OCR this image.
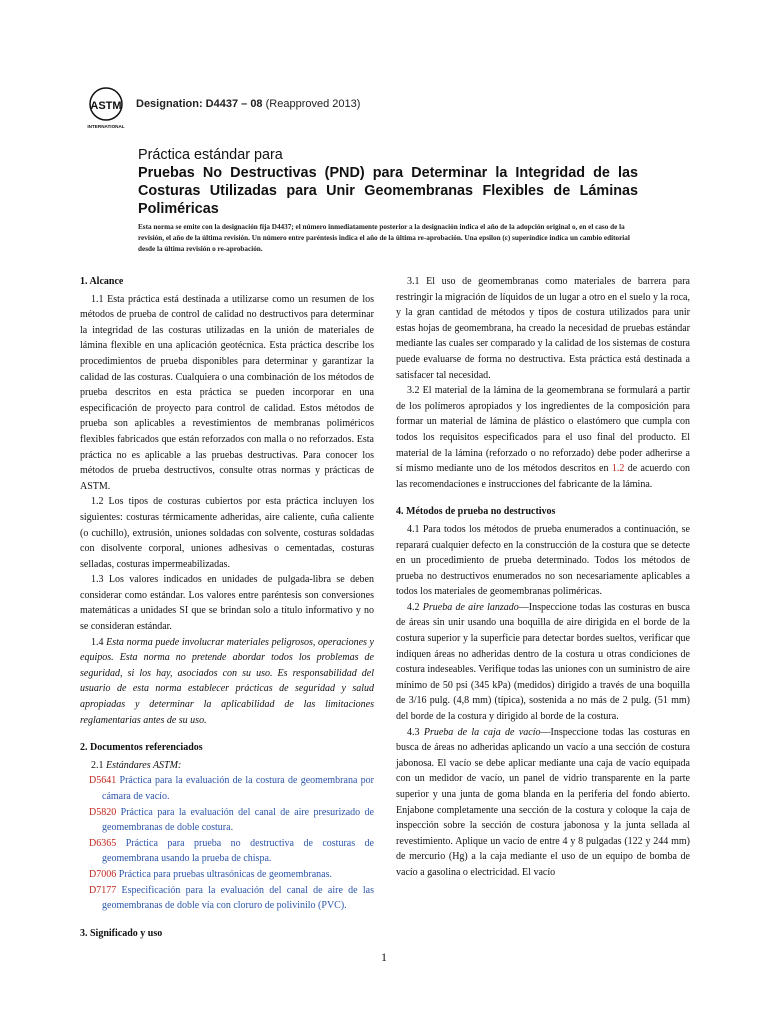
ASTM
INTERNATIONAL
Designation: D4437 – 08 (Reapproved 2013)
Práctica estándar para
Pruebas No Destructivas (PND) para Determinar la Integridad de las
Costuras Utilizadas para Unir Geomembranas Flexibles de Láminas
Poliméricas
Esta norma se emite con la designación fija D4437; el número inmediatamente posterior a la designación indica el año de la adopción original o, en el caso de la revisión, el año de la última revisión. Un número entre paréntesis indica el año de la última re-aprobación. Una epsilon (ε) superíndice indica un cambio editorial desde la última revisión o re-aprobación.

1. Alcance

1.1 Esta práctica está destinada a utilizarse como un resumen de los métodos de prueba de control de calidad no destructivos para determinar la integridad de las costuras utilizadas en la unión de materiales de lámina flexible en una aplicación geotécnica. Esta práctica describe los procedimientos de prueba disponibles para determinar y garantizar la calidad de las costuras. Cualquiera o una combinación de los métodos de prueba descritos en esta práctica se pueden incorporar en una especificación de proyecto para control de calidad. Estos métodos de prueba son aplicables a revestimientos de membranas poliméricos flexibles fabricados que están reforzados con malla o no reforzados. Esta práctica no es aplicable a las pruebas destructivas. Para conocer los métodos de prueba destructivos, consulte otras normas y prácticas de ASTM.

1.2 Los tipos de costuras cubiertos por esta práctica incluyen los siguientes: costuras térmicamente adheridas, aire caliente, cuña caliente (o cuchillo), extrusión, uniones soldadas con solvente, costuras soldadas con disolvente corporal, uniones adhesivas o cementadas, costuras selladas, costuras impermeabilizadas.

1.3 Los valores indicados en unidades de pulgada-libra se deben considerar como estándar. Los valores entre paréntesis son conversiones matemáticas a unidades SI que se brindan solo a título informativo y no se consideran estándar.

1.4 Esta norma puede involucrar materiales peligrosos, operaciones y equipos. Esta norma no pretende abordar todos los problemas de seguridad, si los hay, asociados con su uso. Es responsabilidad del usuario de esta norma establecer prácticas de seguridad y salud apropiadas y determinar la aplicabilidad de las limitaciones reglamentarias antes de su uso.

2. Documentos referenciados

2.1 Estándares ASTM:

D5641 Práctica para la evaluación de la costura de geomembrana por cámara de vacío.

D5820 Práctica para la evaluación del canal de aire presurizado de geomembranas de doble costura.

D6365 Práctica para prueba no destructiva de costuras de geomembrana usando la prueba de chispa.

D7006 Práctica para pruebas ultrasónicas de geomembranas.

D7177 Especificación para la evaluación del canal de aire de las geomembranas de doble vía con cloruro de polivinilo (PVC).

3. Significado y uso

3.1 El uso de geomembranas como materiales de barrera para restringir la migración de líquidos de un lugar a otro en el suelo y la roca, y la gran cantidad de métodos y tipos de costura utilizados para unir estas hojas de geomembrana, ha creado la necesidad de pruebas estándar mediante las cuales ser comparado y la calidad de los sistemas de costura puede evaluarse de forma no destructiva. Esta práctica está destinada a satisfacer tal necesidad.

3.2 El material de la lámina de la geomembrana se formulará a partir de los polímeros apropiados y los ingredientes de la composición para formar un material de lámina de plástico o elastómero que cumpla con todos los requisitos especificados para el uso final del producto. El material de la lámina (reforzado o no reforzado) debe poder adherirse a sí mismo mediante uno de los métodos descritos en 1.2 de acuerdo con las recomendaciones e instrucciones del fabricante de la lámina.

4. Métodos de prueba no destructivos

4.1 Para todos los métodos de prueba enumerados a continuación, se reparará cualquier defecto en la construcción de la costura que se detecte en un procedimiento de prueba determinado. Todos los métodos de prueba no destructivos enumerados no son necesariamente aplicables a todos los materiales de geomembranas poliméricas.

4.2 Prueba de aire lanzado—Inspeccione todas las costuras en busca de áreas sin unir usando una boquilla de aire dirigida en el borde de la costura superior y la superficie para detectar bordes sueltos, verificar que indiquen áreas no adheridas dentro de la costura u otras condiciones de costura indeseables. Verifique todas las uniones con un suministro de aire mínimo de 50 psi (345 kPa) (medidos) dirigido a través de una boquilla de 3/16 pulg. (4,8 mm) (típica), sostenida a no más de 2 pulg. (51 mm) del borde de la costura y dirigido al borde de la costura.

4.3 Prueba de la caja de vacío—Inspeccione todas las costuras en busca de áreas no adheridas aplicando un vacío a una sección de costura jabonosa. El vacío se debe aplicar mediante una caja de vacío equipada con un medidor de vacío, un panel de vidrio transparente en la parte superior y una junta de goma blanda en la periferia del fondo abierto. Enjabone completamente una sección de la costura y coloque la caja de inspección sobre la sección de costura jabonosa y la junta sellada al revestimiento. Aplique un vacío de entre 4 y 8 pulgadas (122 y 244 mm) de mercurio (Hg) a la caja mediante el uso de un equipo de bomba de vacío a gasolina o electricidad. El vacío

1
